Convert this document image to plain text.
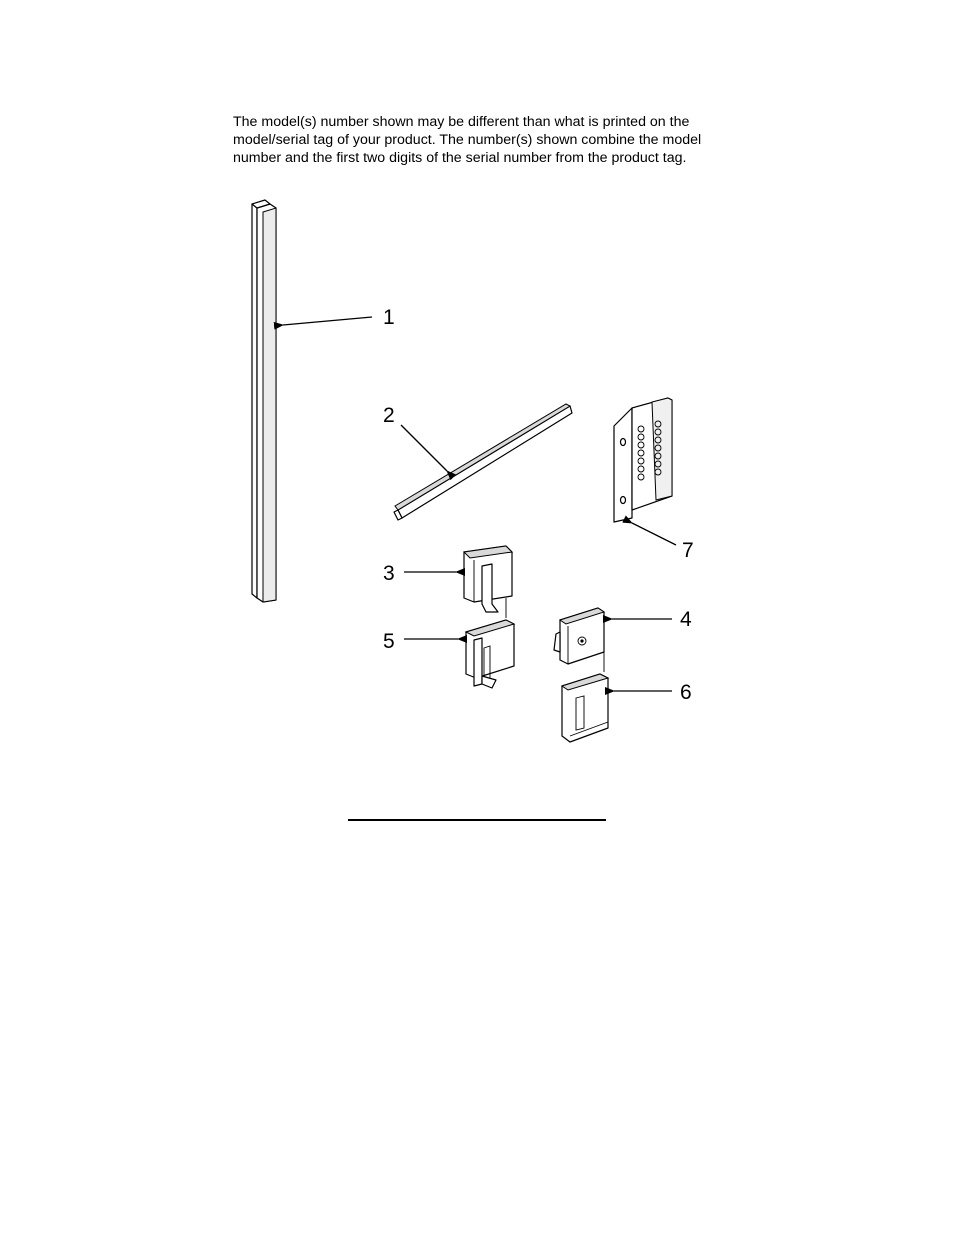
The model(s) number shown may be different than what is printed on the
model/serial tag of your product. The number(s) shown combine the model
number and the first two digits of the serial number from the product tag.
1
2
7
3
5
4
6
